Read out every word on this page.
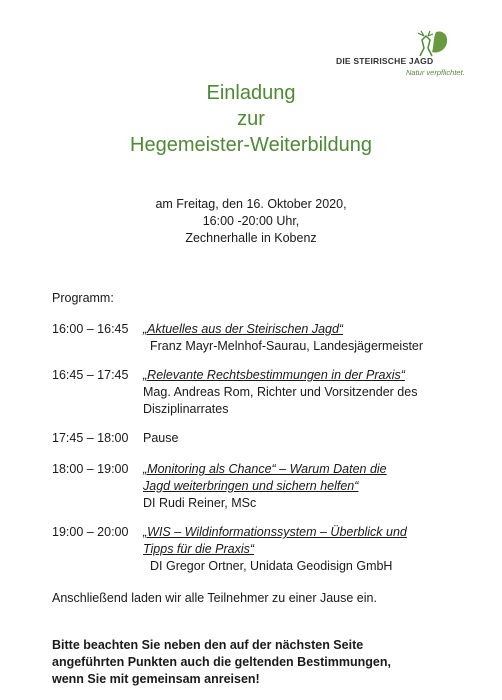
DIE STEIRISCHE JAGD
Natur verpflichtet.
Einladung
zur
Hegemeister-Weiterbildung
am Freitag, den 16. Oktober 2020,
16:00 -20:00 Uhr,
Zechnerhalle in Kobenz
Programm:
16:00 – 16:45 „Aktuelles aus der Steirischen Jagd“
Franz Mayr-Melnhof-Saurau, Landesjägermeister
16:45 – 17:45 „Relevante Rechtsbestimmungen in der Praxis“
Mag. Andreas Rom, Richter und Vorsitzender des
Disziplinarrates
17:45 – 18:00 Pause
18:00 – 19:00 „Monitoring als Chance“ – Warum Daten die
Jagd weiterbringen und sichern helfen“
DI Rudi Reiner, MSc
19:00 – 20:00 „WIS – Wildinformationssystem – Überblick und
Tipps für die Praxis“
DI Gregor Ortner, Unidata Geodisign GmbH
Anschließend laden wir alle Teilnehmer zu einer Jause ein.
Bitte beachten Sie neben den auf der nächsten Seite
angeführten Punkten auch die geltenden Bestimmungen,
wenn Sie mit gemeinsam anreisen!
